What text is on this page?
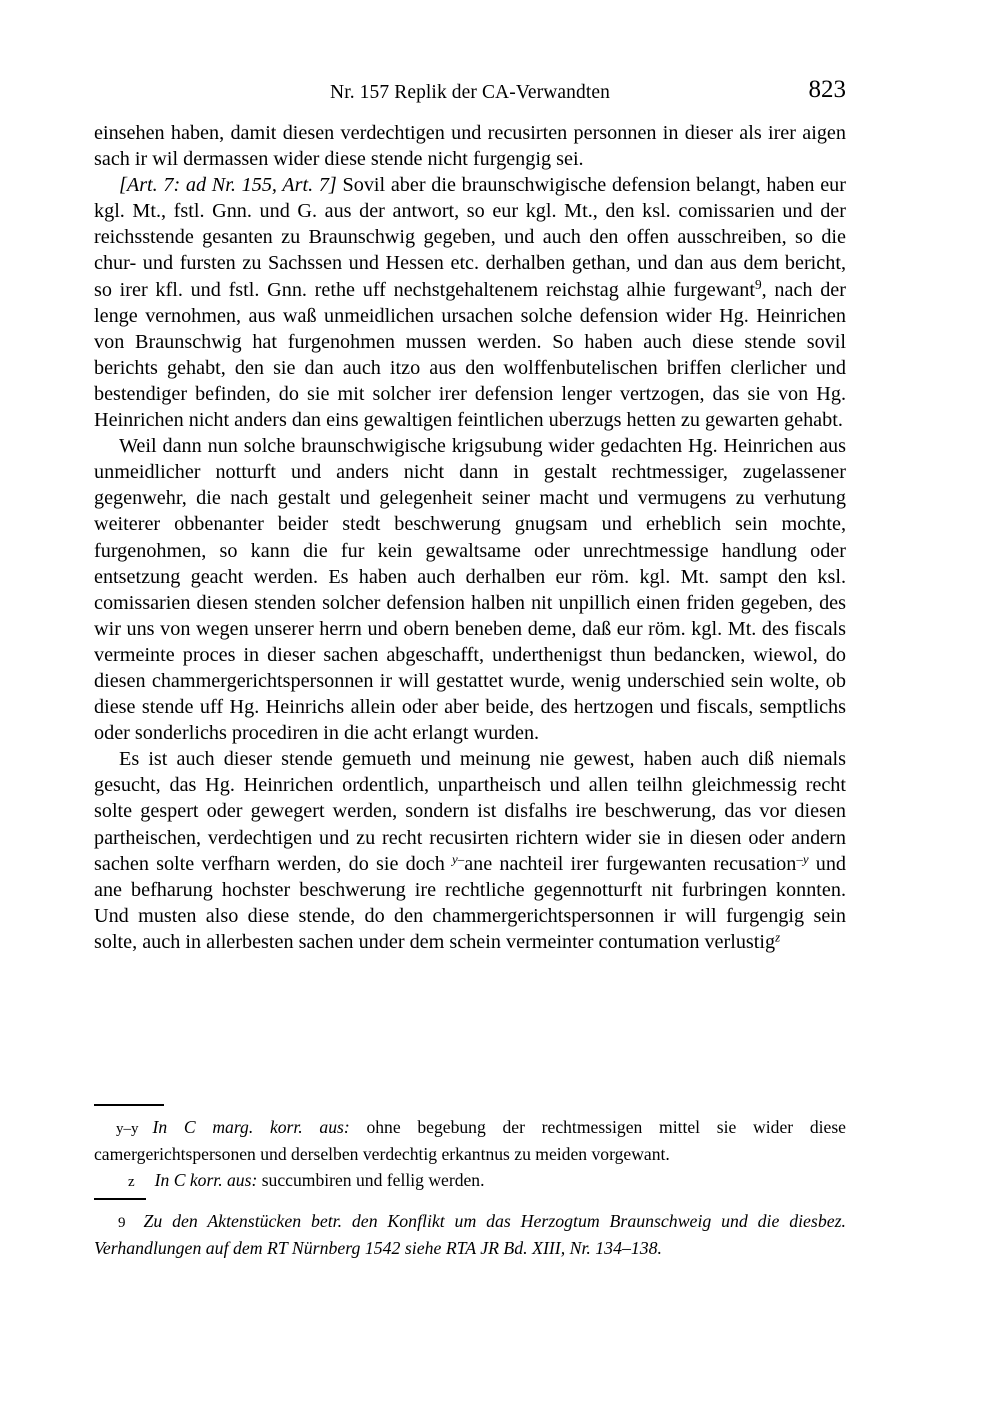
Nr. 157 Replik der CA-Verwandten	823

einsehen haben, damit diesen verdechtigen und recusirten personnen in dieser als irer aigen sach ir wil dermassen wider diese stende nicht furgengig sei.

[Art. 7: ad Nr. 155, Art. 7] Sovil aber die braunschwigische defension belangt, haben eur kgl. Mt., fstl. Gnn. und G. aus der antwort, so eur kgl. Mt., den ksl. comissarien und der reichsstende gesanten zu Braunschwig gegeben, und auch den offen ausschreiben, so die chur- und fursten zu Sachssen und Hessen etc. derhalben gethan, und dan aus dem bericht, so irer kfl. und fstl. Gnn. rethe uff nechstgehaltenem reichstag alhie furgewant$^9$, nach der lenge vernohmen, aus waß unmeidlichen ursachen solche defension wider Hg. Heinrichen von Braunschwig hat furgenohmen mussen werden. So haben auch diese stende sovil berichts gehabt, den sie dan auch itzo aus den wolffenbutelischen briffen clerlicher und bestendiger befinden, do sie mit solcher irer defension lenger vertzogen, das sie von Hg. Heinrichen nicht anders dan eins gewaltigen feintlichen uberzugs hetten zu gewarten gehabt.

Weil dann nun solche braunschwigische krigsubung wider gedachten Hg. Heinrichen aus unmeidlicher notturft und anders nicht dann in gestalt rechtmessiger, zugelassener gegenwehr, die nach gestalt und gelegenheit seiner macht und vermugens zu verhutung weiterer obbenanter beider stedt beschwerung gnugsam und erheblich sein mochte, furgenohmen, so kann die fur kein gewaltsame oder unrechtmessige handlung oder entsetzung geacht werden. Es haben auch derhalben eur röm. kgl. Mt. sampt den ksl. comissarien diesen stenden solcher defension halben nit unpillich einen friden gegeben, des wir uns von wegen unserer herrn und obern beneben deme, daß eur röm. kgl. Mt. des fiscals vermeinte proces in dieser sachen abgeschafft, underthenigst thun bedancken, wiewol, do diesen chammergerichtspersonnen ir will gestattet wurde, wenig underschied sein wolte, ob diese stende uff Hg. Heinrichs allein oder aber beide, des hertzogen und fiscals, semptlichs oder sonderlichs procediren in die acht erlangt wurden.

Es ist auch dieser stende gemueth und meinung nie gewest, haben auch diß niemals gesucht, das Hg. Heinrichen ordentlich, unpartheisch und allen teilhn gleichmessig recht solte gespert oder gewegert werden, sondern ist disfalhs ire beschwerung, das vor diesen partheischen, verdechtigen und zu recht recusirten richtern wider sie in diesen oder andern sachen solte verfharn werden, do sie doch $^{y-}$ane nachteil irer furgewanten recusation$^{-y}$ und ane befharung hochster beschwerung ire rechtliche gegennotturft nit furbringen konnten. Und musten also diese stende, do den chammergerichtspersonnen ir will furgengig sein solte, auch in allerbesten sachen under dem schein vermeinter contumation verlustig$^z$

y–y In C marg. korr. aus: ohne begebung der rechtmessigen mittel sie wider diese camergerichtspersonen und derselben verdechtig erkantnus zu meiden vorgewant.

z In C korr. aus: succumbiren und fellig werden.

9 Zu den Aktenstücken betr. den Konflikt um das Herzogtum Braunschweig und die diesbez. Verhandlungen auf dem RT Nürnberg 1542 siehe RTA JR Bd. XIII, Nr. 134–138.
